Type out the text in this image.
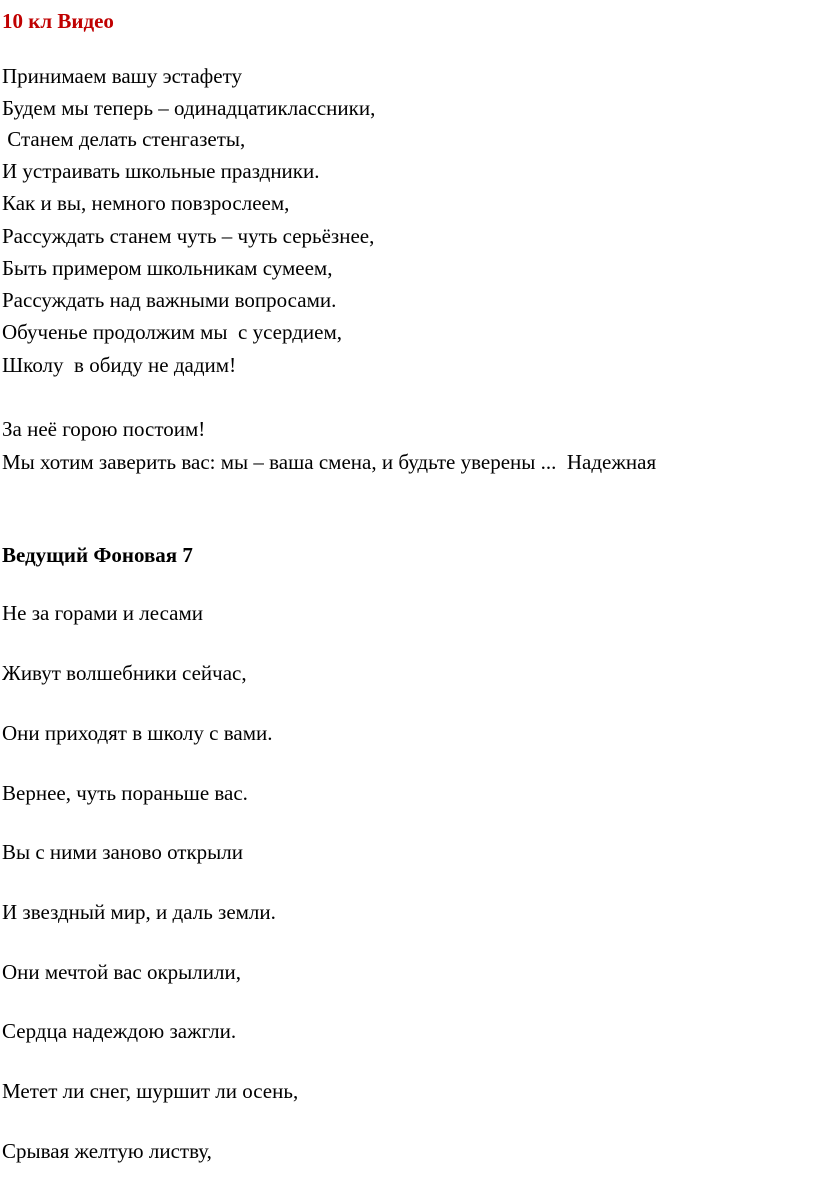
10 кл Видео

Принимаем вашу эстафету

Будем мы теперь – одинадцатиклассники,

Станем делать стенгазеты,

И устраивать школьные праздники.

Как и вы, немного повзрослеем,

Рассуждать станем чуть – чуть серьёзнее,

Быть примером школьникам сумеем,

Рассуждать над важными вопросами.

Обученье продолжим мы  с усердием,

Школу  в обиду не дадим!

За неё горою постоим!

Мы хотим заверить вас: мы – ваша смена, и будьте уверены ...  Надежная

Ведущий Фоновая 7

Не за горами и лесами

Живут волшебники сейчас,

Они приходят в школу с вами.

Вернее, чуть пораньше вас.

Вы с ними заново открыли

И звездный мир, и даль земли.

Они мечтой вас окрылили,

Сердца надеждою зажгли.

Метет ли снег, шуршит ли осень,

Срывая желтую листву,
